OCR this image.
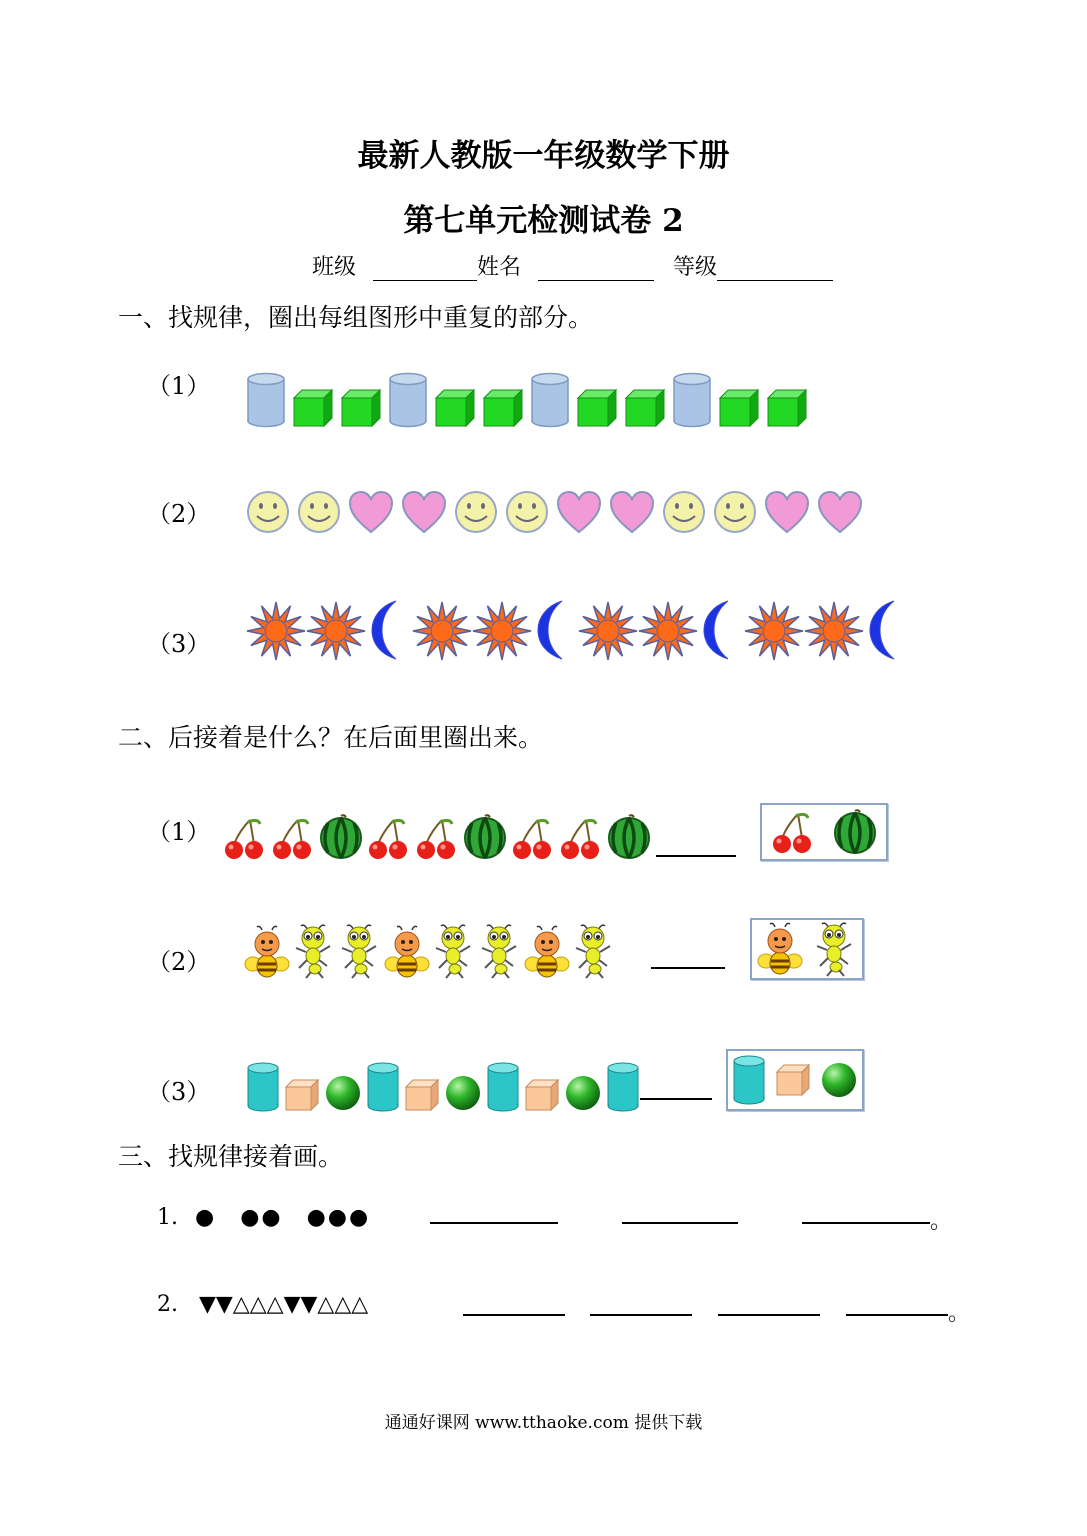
最新人教版一年级数学下册
第七单元检测试卷 2
班级	姓名	等级
一、找规律，圈出每组图形中重复的部分。
（1）
（2）
（3）
二、后接着是什么？在后面里圈出来。
（1）
（2）
（3）
三、找规律接着画。
1. ●　●●　●●●	。
2. ▼▼△△△▼▼△△△	。
通通好课网 www.tthaoke.com 提供下载
